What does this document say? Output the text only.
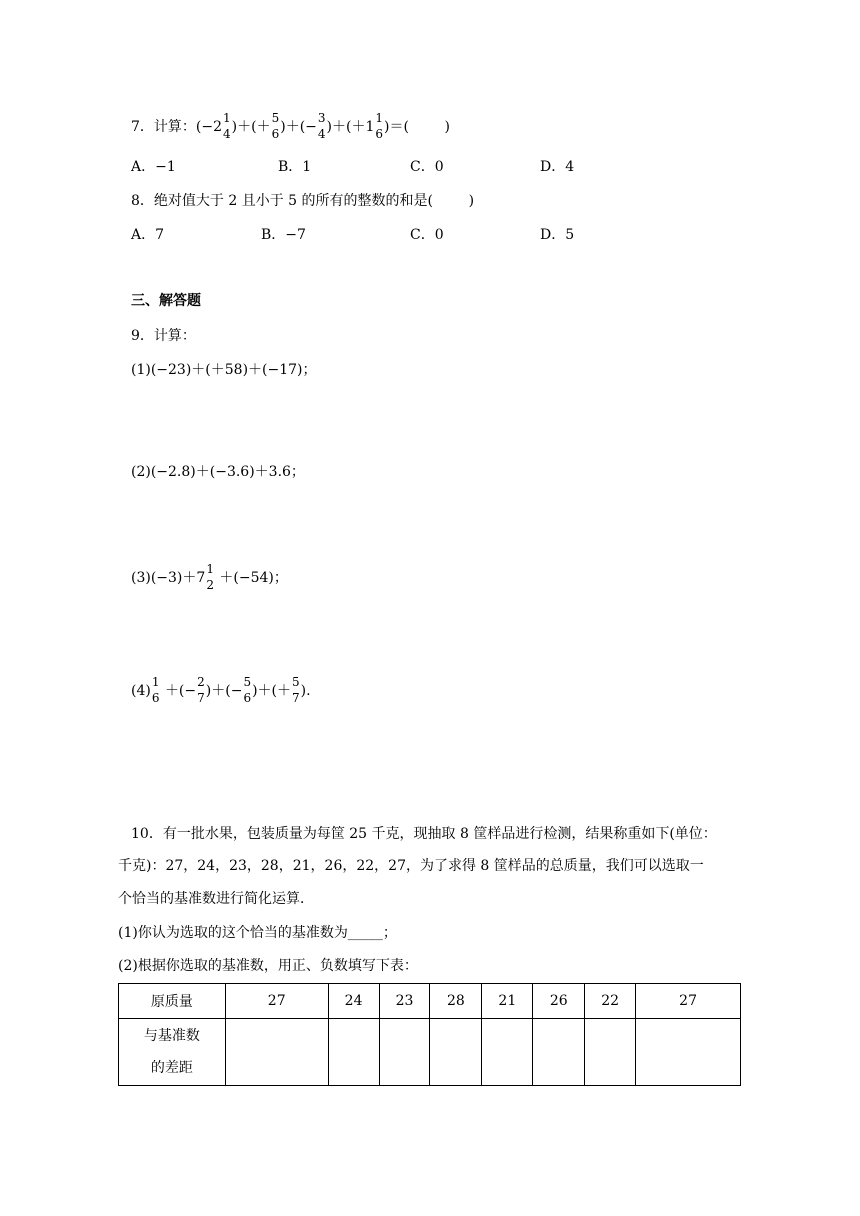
7．计算：(−2
1
4 )＋(＋
5
6 )＋(−
3
4 )＋(＋1
1
6 )＝(        )
A．−1	B．1	C．0	D．4
8．绝对值大于 2 且小于 5 的所有的整数的和是(        )
A．7	B．−7	C．0	D．5
三、解答题
9．计算：
(1)(−23)＋(＋58)＋(−17)；
(2)(−2.8)＋(−3.6)＋3.6；
(3)(−3)＋7
1
2 ＋(−54)；
(4)
1
6 ＋(−
2
7 )＋(−
5
6 )＋(＋
5
7 ).
10．有一批水果，包装质量为每筐 25 千克，现抽取 8 筐样品进行检测，结果称重如下(单位：
千克)：27，24，23，28，21，26，22，27，为了求得 8 筐样品的总质量，我们可以选取一
个恰当的基准数进行简化运算．
(1)你认为选取的这个恰当的基准数为_____；
(2)根据你选取的基准数，用正、负数填写下表：
原质量	27	24	23	28	21	26	22	27

与基准数
的差距								
